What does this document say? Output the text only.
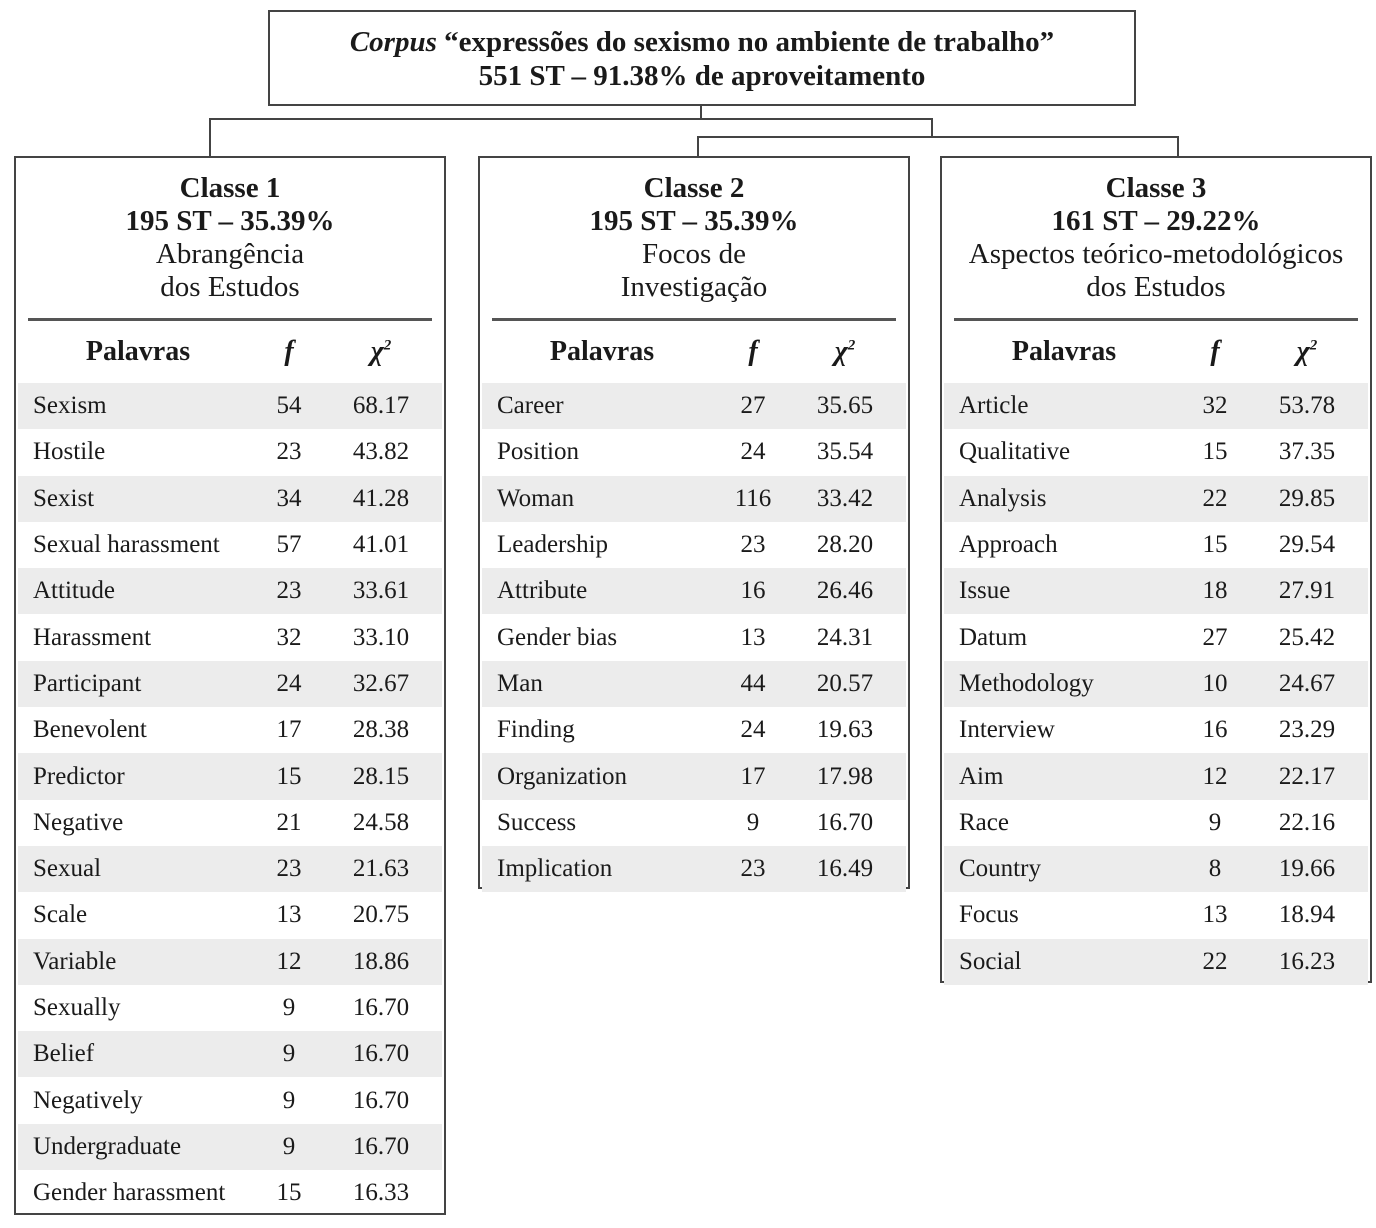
Corpus “expressões do sexismo no ambiente de trabalho”
551 ST – 91.38% de aproveitamento
Classe 1
195 ST – 35.39%
Abrangência
dos Estudos
Palavras	f	$\chi^2$
Sexism	54	68.17
Hostile	23	43.82
Sexist	34	41.28
Sexual harassment	57	41.01
Attitude	23	33.61
Harassment	32	33.10
Participant	24	32.67
Benevolent	17	28.38
Predictor	15	28.15
Negative	21	24.58
Sexual	23	21.63
Scale	13	20.75
Variable	12	18.86
Sexually	9	16.70
Belief	9	16.70
Negatively	9	16.70
Undergraduate	9	16.70
Gender harassment	15	16.33
Classe 2
195 ST – 35.39%
Focos de
Investigação
Palavras	f	$\chi^2$
Career	27	35.65
Position	24	35.54
Woman	116	33.42
Leadership	23	28.20
Attribute	16	26.46
Gender bias	13	24.31
Man	44	20.57
Finding	24	19.63
Organization	17	17.98
Success	9	16.70
Implication	23	16.49
Classe 3
161 ST – 29.22%
Aspectos teórico-metodológicos
dos Estudos
Palavras	f	$\chi^2$
Article	32	53.78
Qualitative	15	37.35
Analysis	22	29.85
Approach	15	29.54
Issue	18	27.91
Datum	27	25.42
Methodology	10	24.67
Interview	16	23.29
Aim	12	22.17
Race	9	22.16
Country	8	19.66
Focus	13	18.94
Social	22	16.23
